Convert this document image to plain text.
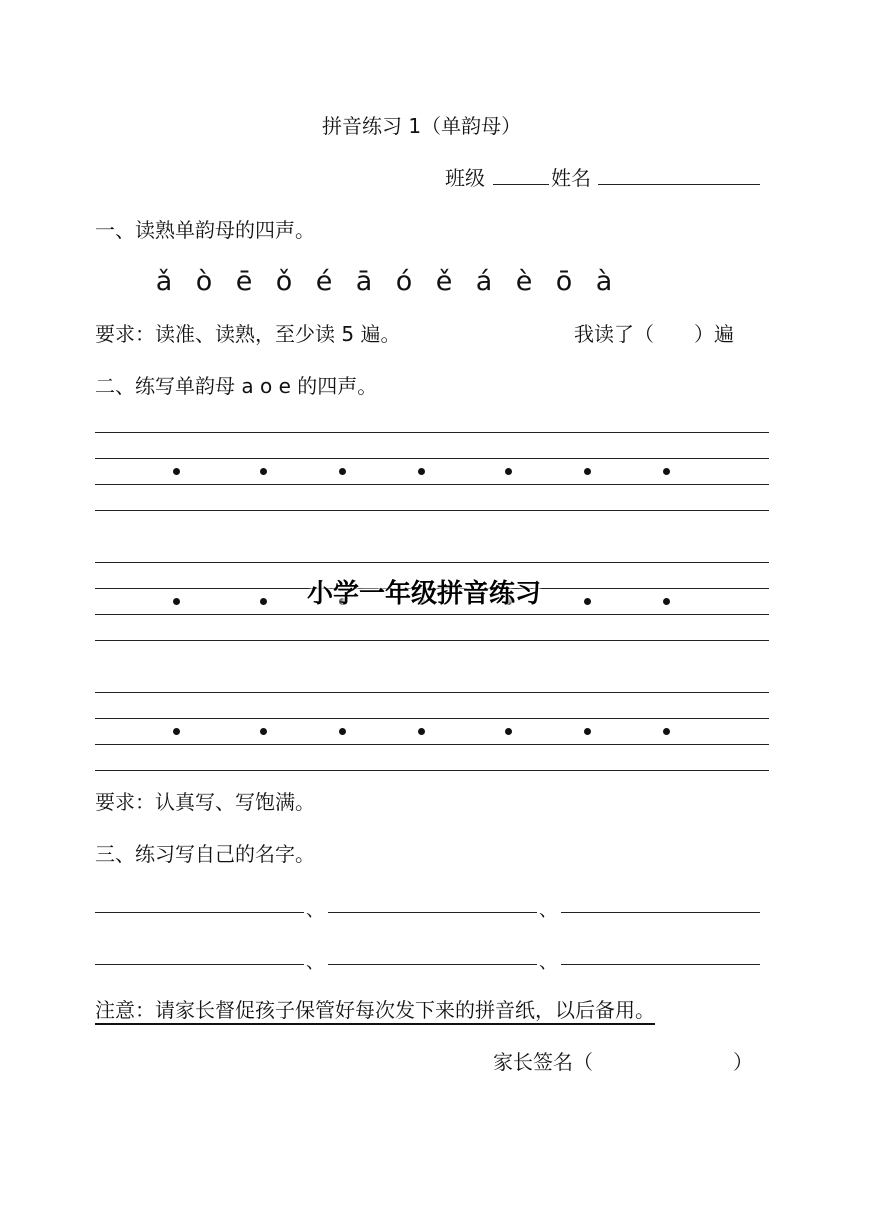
拼音练习 1（单韵母）
班级	姓名
一、读熟单韵母的四声。
ǎ ò ē ǒ é ā ó ě á è ō à
要求：读准、读熟，至少读 5 遍。	我读了（　　）遍
二、练写单韵母 a o e 的四声。
小学一年级拼音练习
要求：认真写、写饱满。
三、练习写自己的名字。
、	、
、	、
注意：请家长督促孩子保管好每次发下来的拼音纸，以后备用。
家长签名（　　　　　　　）
